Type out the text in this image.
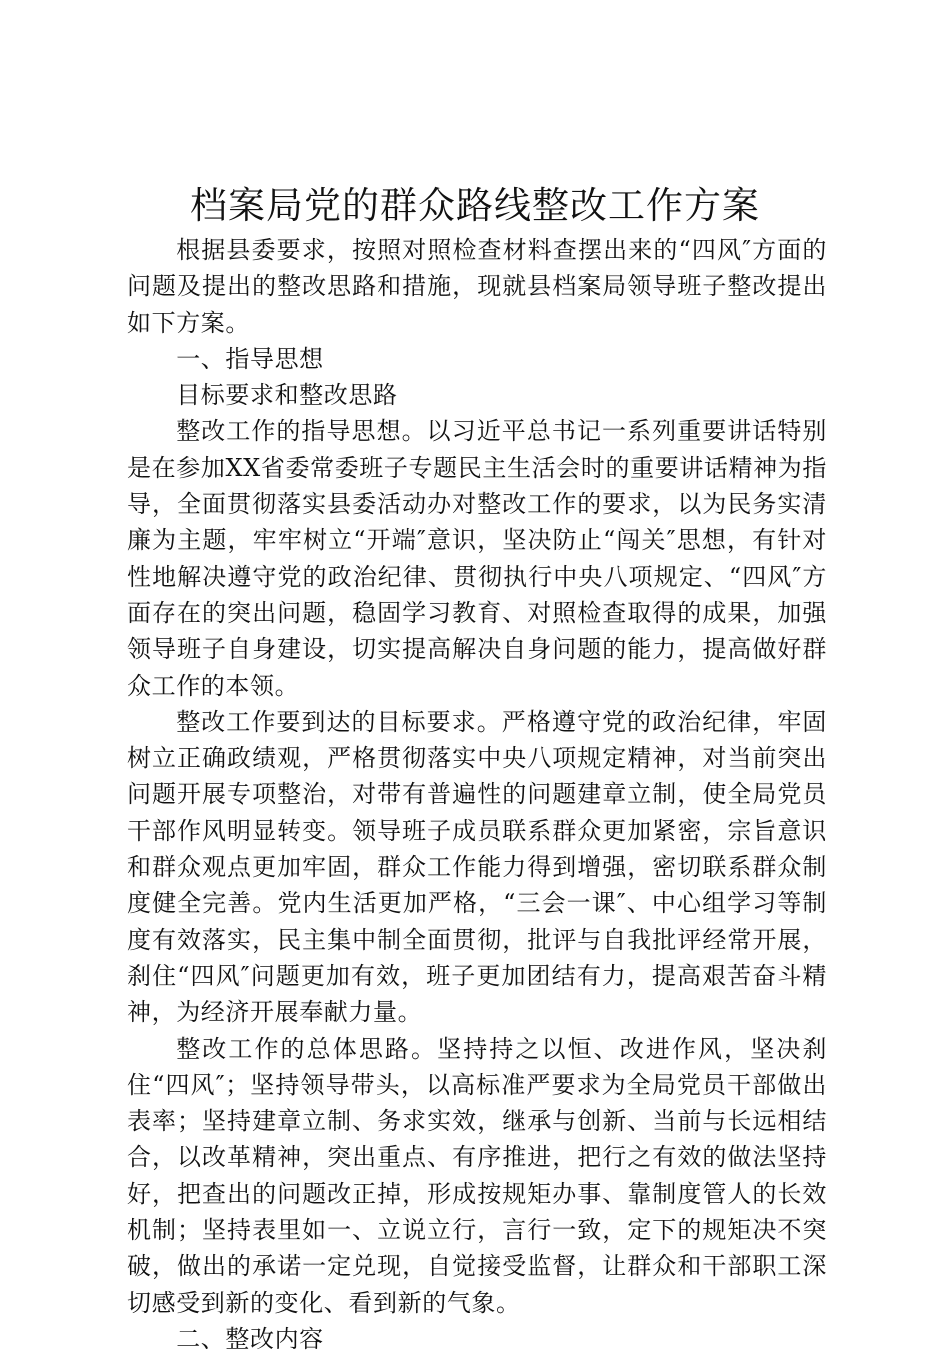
档案局党的群众路线整改工作方案

根据县委要求，按照对照检查材料查摆出来的“四风″方面的问题及提出的整改思路和措施，现就县档案局领导班子整改提出如下方案。

一、指导思想

目标要求和整改思路

整改工作的指导思想。以习近平总书记一系列重要讲话特别是在参加XX省委常委班子专题民主生活会时的重要讲话精神为指导，全面贯彻落实县委活动办对整改工作的要求，以为民务实清廉为主题，牢牢树立“开端″意识，坚决防止“闯关″思想，有针对性地解决遵守党的政治纪律、贯彻执行中央八项规定、“四风″方面存在的突出问题，稳固学习教育、对照检查取得的成果，加强领导班子自身建设，切实提高解决自身问题的能力，提高做好群众工作的本领。

整改工作要到达的目标要求。严格遵守党的政治纪律，牢固树立正确政绩观，严格贯彻落实中央八项规定精神，对当前突出问题开展专项整治，对带有普遍性的问题建章立制，使全局党员干部作风明显转变。领导班子成员联系群众更加紧密，宗旨意识和群众观点更加牢固，群众工作能力得到增强，密切联系群众制度健全完善。党内生活更加严格，“三会一课″、中心组学习等制度有效落实，民主集中制全面贯彻，批评与自我批评经常开展，刹住“四风″问题更加有效，班子更加团结有力，提高艰苦奋斗精神，为经济开展奉献力量。

整改工作的总体思路。坚持持之以恒、改进作风，坚决刹住“四风″；坚持领导带头，以高标准严要求为全局党员干部做出表率；坚持建章立制、务求实效，继承与创新、当前与长远相结合，以改革精神，突出重点、有序推进，把行之有效的做法坚持好，把查出的问题改正掉，形成按规矩办事、靠制度管人的长效机制；坚持表里如一、立说立行，言行一致，定下的规矩决不突破，做出的承诺一定兑现，自觉接受监督，让群众和干部职工深切感受到新的变化、看到新的气象。

二、整改内容
